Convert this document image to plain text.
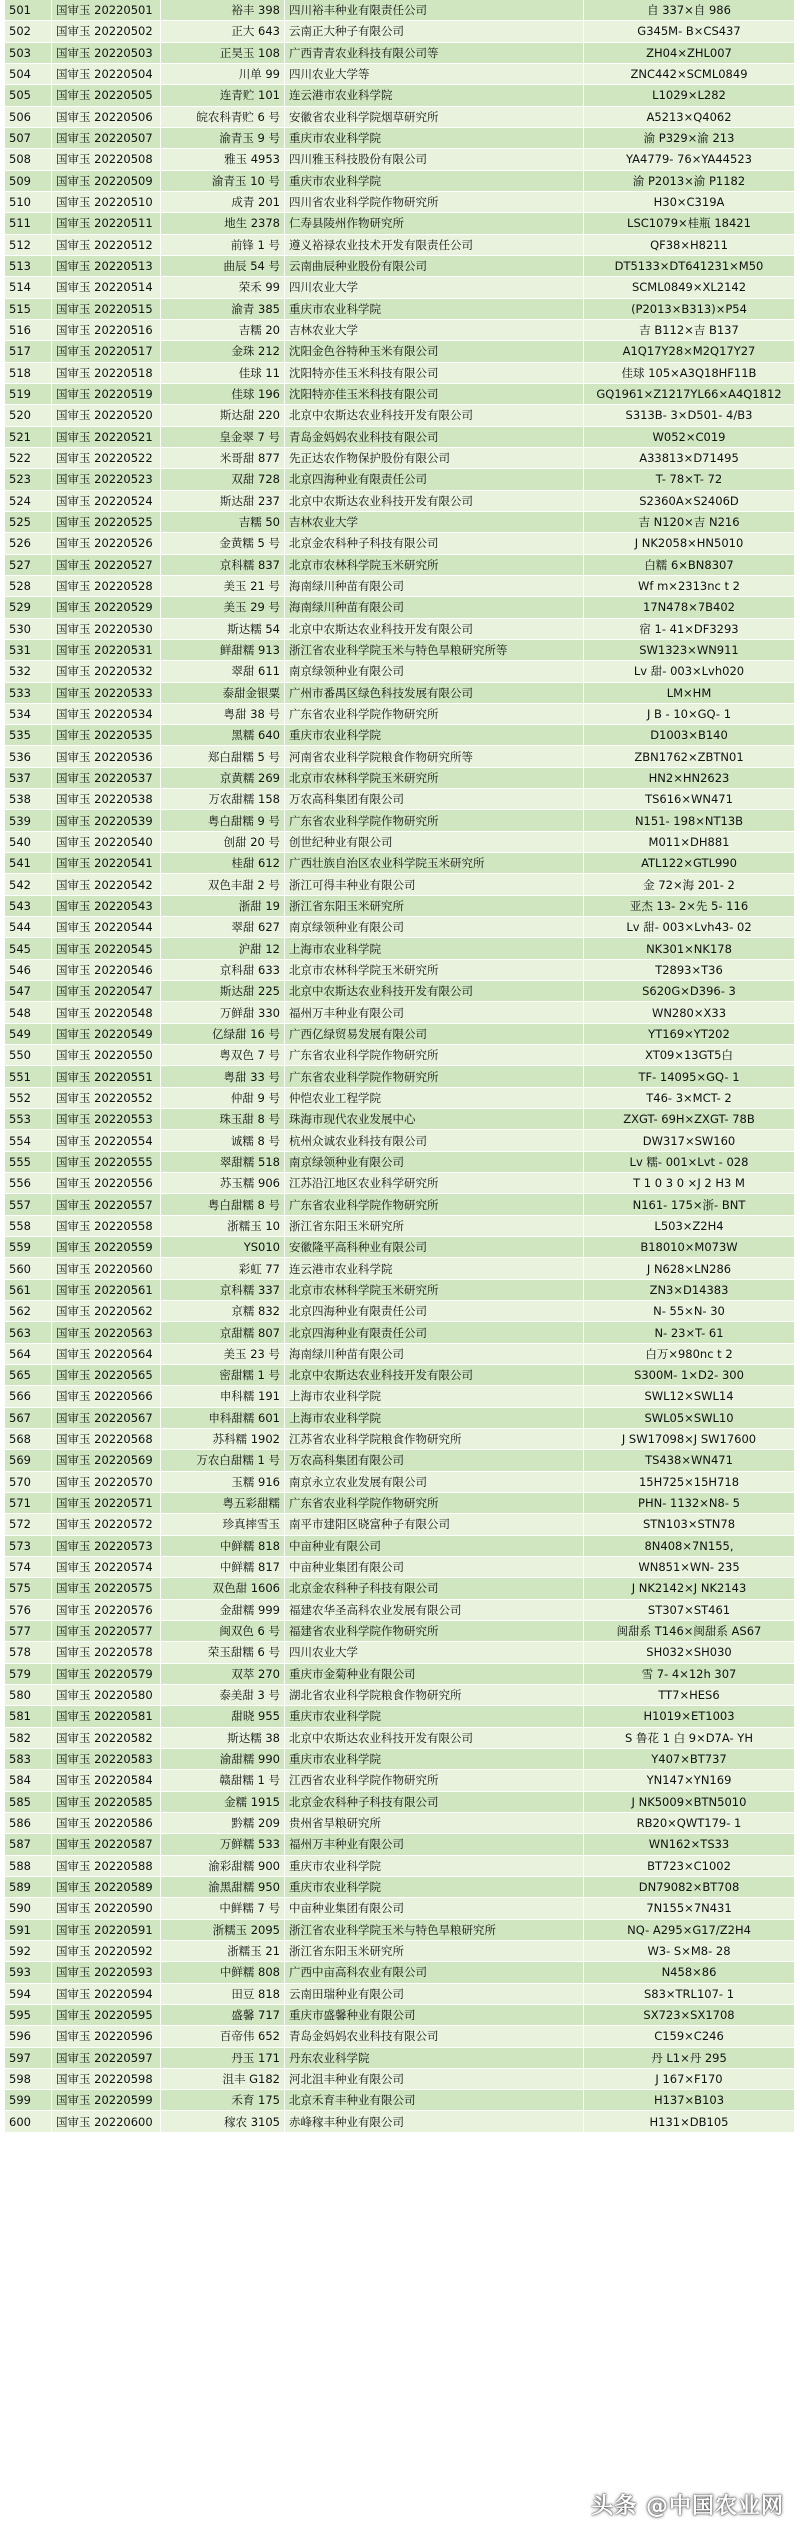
501	国审玉 20220501	裕丰 398	四川裕丰种业有限责任公司	自 337×自 986
502	国审玉 20220502	正大 643	云南正大种子有限公司	G345M- B×CS437
503	国审玉 20220503	正昊玉 108	广西青青农业科技有限公司等	ZH04×ZHL007
504	国审玉 20220504	川单 99	四川农业大学等	ZNC442×SCML0849
505	国审玉 20220505	连青贮 101	连云港市农业科学院	L1029×L282
506	国审玉 20220506	皖农科青贮 6 号	安徽省农业科学院烟草研究所	A5213×Q4062
507	国审玉 20220507	渝青玉 9 号	重庆市农业科学院	渝 P329×渝 213
508	国审玉 20220508	雅玉 4953	四川雅玉科技股份有限公司	YA4779- 76×YA44523
509	国审玉 20220509	渝青玉 10 号	重庆市农业科学院	渝 P2013×渝 P1182
510	国审玉 20220510	成青 201	四川省农业科学院作物研究所	H30×C319A
511	国审玉 20220511	地生 2378	仁寿县陵州作物研究所	LSC1079×桂瓶 18421
512	国审玉 20220512	前锋 1 号	遵义裕禄农业技术开发有限责任公司	QF38×H8211
513	国审玉 20220513	曲辰 54 号	云南曲辰种业股份有限公司	DT5133×DT641231×M50
514	国审玉 20220514	荣禾 99	四川农业大学	SCML0849×XL2142
515	国审玉 20220515	渝青 385	重庆市农业科学院	(P2013×B313)×P54
516	国审玉 20220516	吉糯 20	吉林农业大学	吉 B112×吉 B137
517	国审玉 20220517	金珠 212	沈阳金色谷特种玉米有限公司	A1Q17Y28×M2Q17Y27
518	国审玉 20220518	佳球 11	沈阳特亦佳玉米科技有限公司	佳球 105×A3Q18HF11B
519	国审玉 20220519	佳球 196	沈阳特亦佳玉米科技有限公司	GQ1961×Z1217YL66×A4Q1812
520	国审玉 20220520	斯达甜 220	北京中农斯达农业科技开发有限公司	S313B- 3×D501- 4/B3
521	国审玉 20220521	皇金翠 7 号	青岛金妈妈农业科技有限公司	W052×C019
522	国审玉 20220522	米哥甜 877	先正达农作物保护股份有限公司	A33813×D71495
523	国审玉 20220523	双甜 728	北京四海种业有限责任公司	T- 78×T- 72
524	国审玉 20220524	斯达甜 237	北京中农斯达农业科技开发有限公司	S2360A×S2406D
525	国审玉 20220525	吉糯 50	吉林农业大学	吉 N120×吉 N216
526	国审玉 20220526	金黄糯 5 号	北京金农科种子科技有限公司	J NK2058×HN5010
527	国审玉 20220527	京科糯 837	北京市农林科学院玉米研究所	白糯 6×BN8307
528	国审玉 20220528	美玉 21 号	海南绿川种苗有限公司	Wf m×2313nc t 2
529	国审玉 20220529	美玉 29 号	海南绿川种苗有限公司	17N478×7B402
530	国审玉 20220530	斯达糯 54	北京中农斯达农业科技开发有限公司	宿 1- 41×DF3293
531	国审玉 20220531	鲜甜糯 913	浙江省农业科学院玉米与特色旱粮研究所等	SW1323×WN911
532	国审玉 20220532	翠甜 611	南京绿领种业有限公司	Lv 甜- 003×Lvh020
533	国审玉 20220533	泰甜金银粟	广州市番禺区绿色科技发展有限公司	LM×HM
534	国审玉 20220534	粤甜 38 号	广东省农业科学院作物研究所	J B - 10×GQ- 1
535	国审玉 20220535	黑糯 640	重庆市农业科学院	D1003×B140
536	国审玉 20220536	郑白甜糯 5 号	河南省农业科学院粮食作物研究所等	ZBN1762×ZBTN01
537	国审玉 20220537	京黄糯 269	北京市农林科学院玉米研究所	HN2×HN2623
538	国审玉 20220538	万农甜糯 158	万农高科集团有限公司	TS616×WN471
539	国审玉 20220539	粤白甜糯 9 号	广东省农业科学院作物研究所	N151- 198×NT13B
540	国审玉 20220540	创甜 20 号	创世纪种业有限公司	M011×DH881
541	国审玉 20220541	桂甜 612	广西壮族自治区农业科学院玉米研究所	ATL122×GTL990
542	国审玉 20220542	双色丰甜 2 号	浙江可得丰种业有限公司	金 72×海 201- 2
543	国审玉 20220543	浙甜 19	浙江省东阳玉米研究所	亚杰 13- 2×先 5- 116
544	国审玉 20220544	翠甜 627	南京绿领种业有限公司	Lv 甜- 003×Lvh43- 02
545	国审玉 20220545	沪甜 12	上海市农业科学院	NK301×NK178
546	国审玉 20220546	京科甜 633	北京市农林科学院玉米研究所	T2893×T36
547	国审玉 20220547	斯达甜 225	北京中农斯达农业科技开发有限公司	S620G×D396- 3
548	国审玉 20220548	万鲜甜 330	福州万丰种业有限公司	WN280×X33
549	国审玉 20220549	亿绿甜 16 号	广西亿绿贸易发展有限公司	YT169×YT202
550	国审玉 20220550	粤双色 7 号	广东省农业科学院作物研究所	XT09×13GT5白
551	国审玉 20220551	粤甜 33 号	广东省农业科学院作物研究所	TF- 14095×GQ- 1
552	国审玉 20220552	仲甜 9 号	仲恺农业工程学院	T46- 3×MCT- 2
553	国审玉 20220553	珠玉甜 8 号	珠海市现代农业发展中心	ZXGT- 69H×ZXGT- 78B
554	国审玉 20220554	诚糯 8 号	杭州众诚农业科技有限公司	DW317×SW160
555	国审玉 20220555	翠甜糯 518	南京绿领种业有限公司	Lv 糯- 001×Lvt - 028
556	国审玉 20220556	苏玉糯 906	江苏沿江地区农业科学研究所	T 1 0 3 0 ×J 2 H3 M
557	国审玉 20220557	粤白甜糯 8 号	广东省农业科学院作物研究所	N161- 175×浙- BNT
558	国审玉 20220558	浙糯玉 10	浙江省东阳玉米研究所	L503×Z2H4
559	国审玉 20220559	YS010	安徽隆平高科种业有限公司	B18010×M073W
560	国审玉 20220560	彩虹 77	连云港市农业科学院	J N628×LN286
561	国审玉 20220561	京科糯 337	北京市农林科学院玉米研究所	ZN3×D14383
562	国审玉 20220562	京糯 832	北京四海种业有限责任公司	N- 55×N- 30
563	国审玉 20220563	京甜糯 807	北京四海种业有限责任公司	N- 23×T- 61
564	国审玉 20220564	美玉 23 号	海南绿川种苗有限公司	白万×980nc t 2
565	国审玉 20220565	密甜糯 1 号	北京中农斯达农业科技开发有限公司	S300M- 1×D2- 300
566	国审玉 20220566	申科糯 191	上海市农业科学院	SWL12×SWL14
567	国审玉 20220567	申科甜糯 601	上海市农业科学院	SWL05×SWL10
568	国审玉 20220568	苏科糯 1902	江苏省农业科学院粮食作物研究所	J SW17098×J SW17600
569	国审玉 20220569	万农白甜糯 1 号	万农高科集团有限公司	TS438×WN471
570	国审玉 20220570	玉糯 916	南京永立农业发展有限公司	15H725×15H718
571	国审玉 20220571	粤五彩甜糯	广东省农业科学院作物研究所	PHN- 1132×N8- 5
572	国审玉 20220572	珍真摔雪玉	南平市建阳区晓富种子有限公司	STN103×STN78
573	国审玉 20220573	中鲜糯 818	中亩种业有限公司	8N408×7N155,
574	国审玉 20220574	中鲜糯 817	中亩种业集团有限公司	WN851×WN- 235
575	国审玉 20220575	双色甜 1606	北京金农科种子科技有限公司	J NK2142×J NK2143
576	国审玉 20220576	金甜糯 999	福建农华圣高科农业发展有限公司	ST307×ST461
577	国审玉 20220577	闽双色 6 号	福建省农业科学院作物研究所	闽甜系 T146×闽甜系 AS67
578	国审玉 20220578	荣玉甜糯 6 号	四川农业大学	SH032×SH030
579	国审玉 20220579	双萃 270	重庆市金菊种业有限公司	雪 7- 4×12h 307
580	国审玉 20220580	泰美甜 3 号	湖北省农业科学院粮食作物研究所	TT7×HES6
581	国审玉 20220581	甜晓 955	重庆市农业科学院	H1019×ET1003
582	国审玉 20220582	斯达糯 38	北京中农斯达农业科技开发有限公司	S 鲁花 1 白 9×D7A- YH
583	国审玉 20220583	渝甜糯 990	重庆市农业科学院	Y407×BT737
584	国审玉 20220584	赣甜糯 1 号	江西省农业科学院作物研究所	YN147×YN169
585	国审玉 20220585	金糯 1915	北京金农科种子科技有限公司	J NK5009×BTN5010
586	国审玉 20220586	黔糯 209	贵州省旱粮研究所	RB20×QWT179- 1
587	国审玉 20220587	万鲜糯 533	福州万丰种业有限公司	WN162×TS33
588	国审玉 20220588	渝彩甜糯 900	重庆市农业科学院	BT723×C1002
589	国审玉 20220589	渝黑甜糯 950	重庆市农业科学院	DN79082×BT708
590	国审玉 20220590	中鲜糯 7 号	中亩种业集团有限公司	7N155×7N431
591	国审玉 20220591	浙糯玉 2095	浙江省农业科学院玉米与特色旱粮研究所	NQ- A295×G17/Z2H4
592	国审玉 20220592	浙糯玉 21	浙江省东阳玉米研究所	W3- S×M8- 28
593	国审玉 20220593	中鲜糯 808	广西中亩高科农业有限公司	N458×86
594	国审玉 20220594	田豆 818	云南田瑞种业有限公司	S83×TRL107- 1
595	国审玉 20220595	盛馨 717	重庆市盛馨种业有限公司	SX723×SX1708
596	国审玉 20220596	百帝伟 652	青岛金妈妈农业科技有限公司	C159×C246
597	国审玉 20220597	丹玉 171	丹东农业科学院	丹 L1×丹 295
598	国审玉 20220598	沮丰 G182	河北沮丰种业有限公司	J 167×F170
599	国审玉 20220599	禾育 175	北京禾育丰种业有限公司	H137×B103
600	国审玉 20220600	稼农 3105	赤峰稼丰种业有限公司	H131×DB105
头条 @中国农业网
